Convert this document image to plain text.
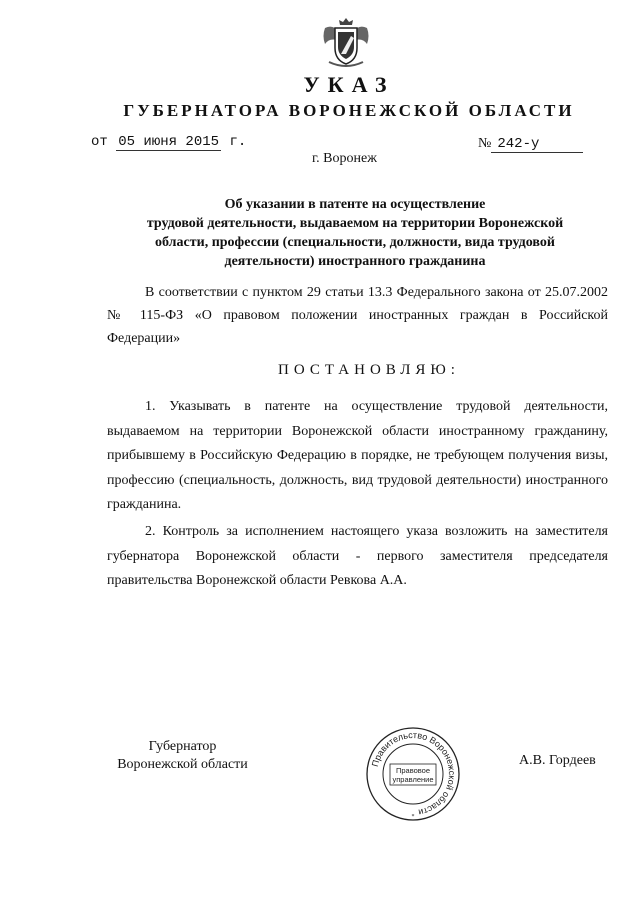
УКАЗ
ГУБЕРНАТОРА ВОРОНЕЖСКОЙ ОБЛАСТИ
от 05 июня 2015 г.	№ 242-у
г. Воронеж
Об указании в патенте на осуществление
трудовой деятельности, выдаваемом на территории Воронежской
области, профессии (специальности, должности, вида трудовой
деятельности) иностранного гражданина
В соответствии с пунктом 29 статьи 13.3 Федерального закона от 25.07.2002 № 115-ФЗ «О правовом положении иностранных граждан в Российской Федерации»
ПОСТАНОВЛЯЮ:
1. Указывать в патенте на осуществление трудовой деятельности, выдаваемом на территории Воронежской области иностранному гражданину, прибывшему в Российскую Федерацию в порядке, не требующем получения визы, профессию (специальность, должность, вид трудовой деятельности) иностранного гражданина.
2. Контроль за исполнением настоящего указа возложить на заместителя губернатора Воронежской области - первого заместителя председателя правительства Воронежской области Ревкова А.А.
Губернатор
Воронежской области	Правительство Воронежской области
Правовое
управление
*
А.В. Гордеев
